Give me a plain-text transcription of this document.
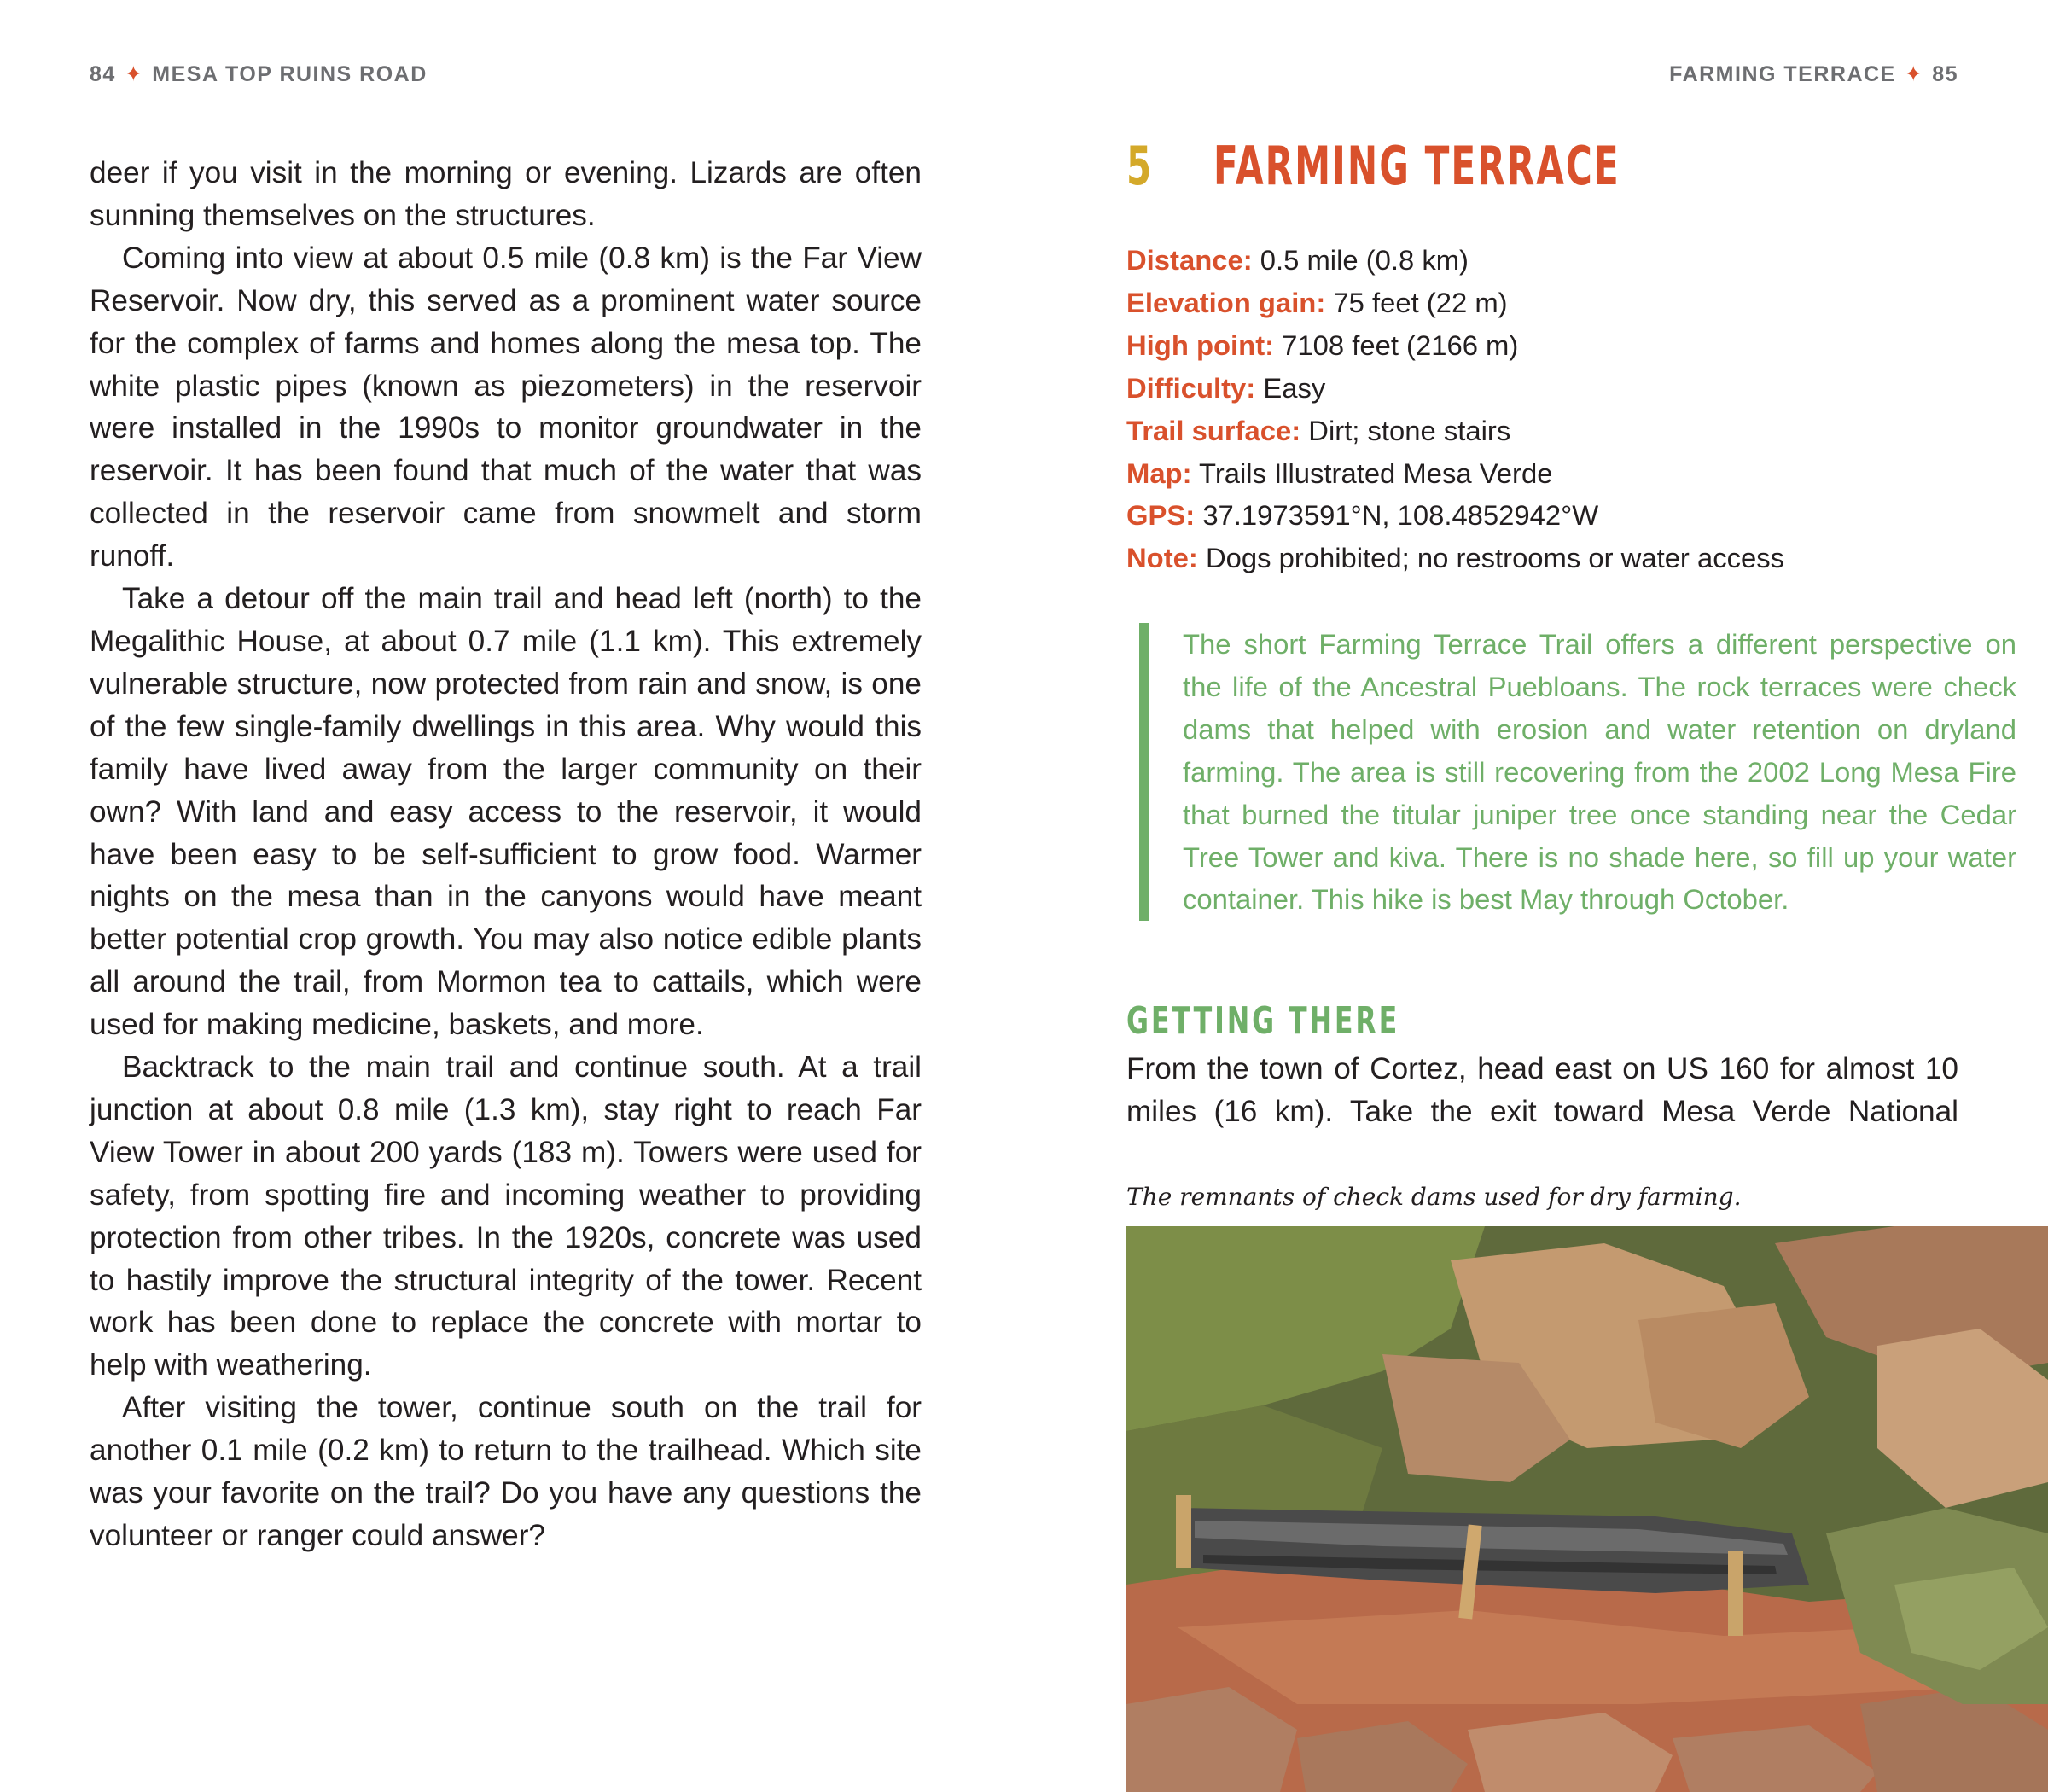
84 ✦ MESA TOP RUINS ROAD

deer if you visit in the morning or evening. Lizards are often sunning themselves on the structures.

Coming into view at about 0.5 mile (0.8 km) is the Far View Reservoir. Now dry, this served as a prominent water source for the complex of farms and homes along the mesa top. The white plastic pipes (known as piezometers) in the reservoir were installed in the 1990s to monitor groundwater in the reservoir. It has been found that much of the water that was collected in the reservoir came from snowmelt and storm runoff.

Take a detour off the main trail and head left (north) to the Megalithic House, at about 0.7 mile (1.1 km). This extremely vulnerable structure, now protected from rain and snow, is one of the few single-family dwellings in this area. Why would this family have lived away from the larger community on their own? With land and easy access to the reservoir, it would have been easy to be self-sufficient to grow food. Warmer nights on the mesa than in the canyons would have meant better potential crop growth. You may also notice edible plants all around the trail, from Mormon tea to cattails, which were used for making medicine, baskets, and more.

Backtrack to the main trail and continue south. At a trail junction at about 0.8 mile (1.3 km), stay right to reach Far View Tower in about 200 yards (183 m). Towers were used for safety, from spotting fire and incoming weather to providing protection from other tribes. In the 1920s, concrete was used to hastily improve the structural integrity of the tower. Recent work has been done to replace the concrete with mortar to help with weathering.

After visiting the tower, continue south on the trail for another 0.1 mile (0.2 km) to return to the trailhead. Which site was your favorite on the trail? Do you have any questions the volunteer or ranger could answer?

FARMING TERRACE ✦ 85
5 FARMING TERRACE
Distance: 0.5 mile (0.8 km)
Elevation gain: 75 feet (22 m)
High point: 7108 feet (2166 m)
Difficulty: Easy
Trail surface: Dirt; stone stairs
Map: Trails Illustrated Mesa Verde
GPS: 37.1973591°N, 108.4852942°W
Note: Dogs prohibited; no restrooms or water access
The short Farming Terrace Trail offers a different perspective on the life of the Ancestral Puebloans. The rock terraces were check dams that helped with erosion and water retention on dryland farming. The area is still recovering from the 2002 Long Mesa Fire that burned the titular juniper tree once standing near the Cedar Tree Tower and kiva. There is no shade here, so fill up your water container. This hike is best May through October.
GETTING THERE
From the town of Cortez, head east on US 160 for almost 10 miles (16 km). Take the exit toward Mesa Verde National
The remnants of check dams used for dry farming.
